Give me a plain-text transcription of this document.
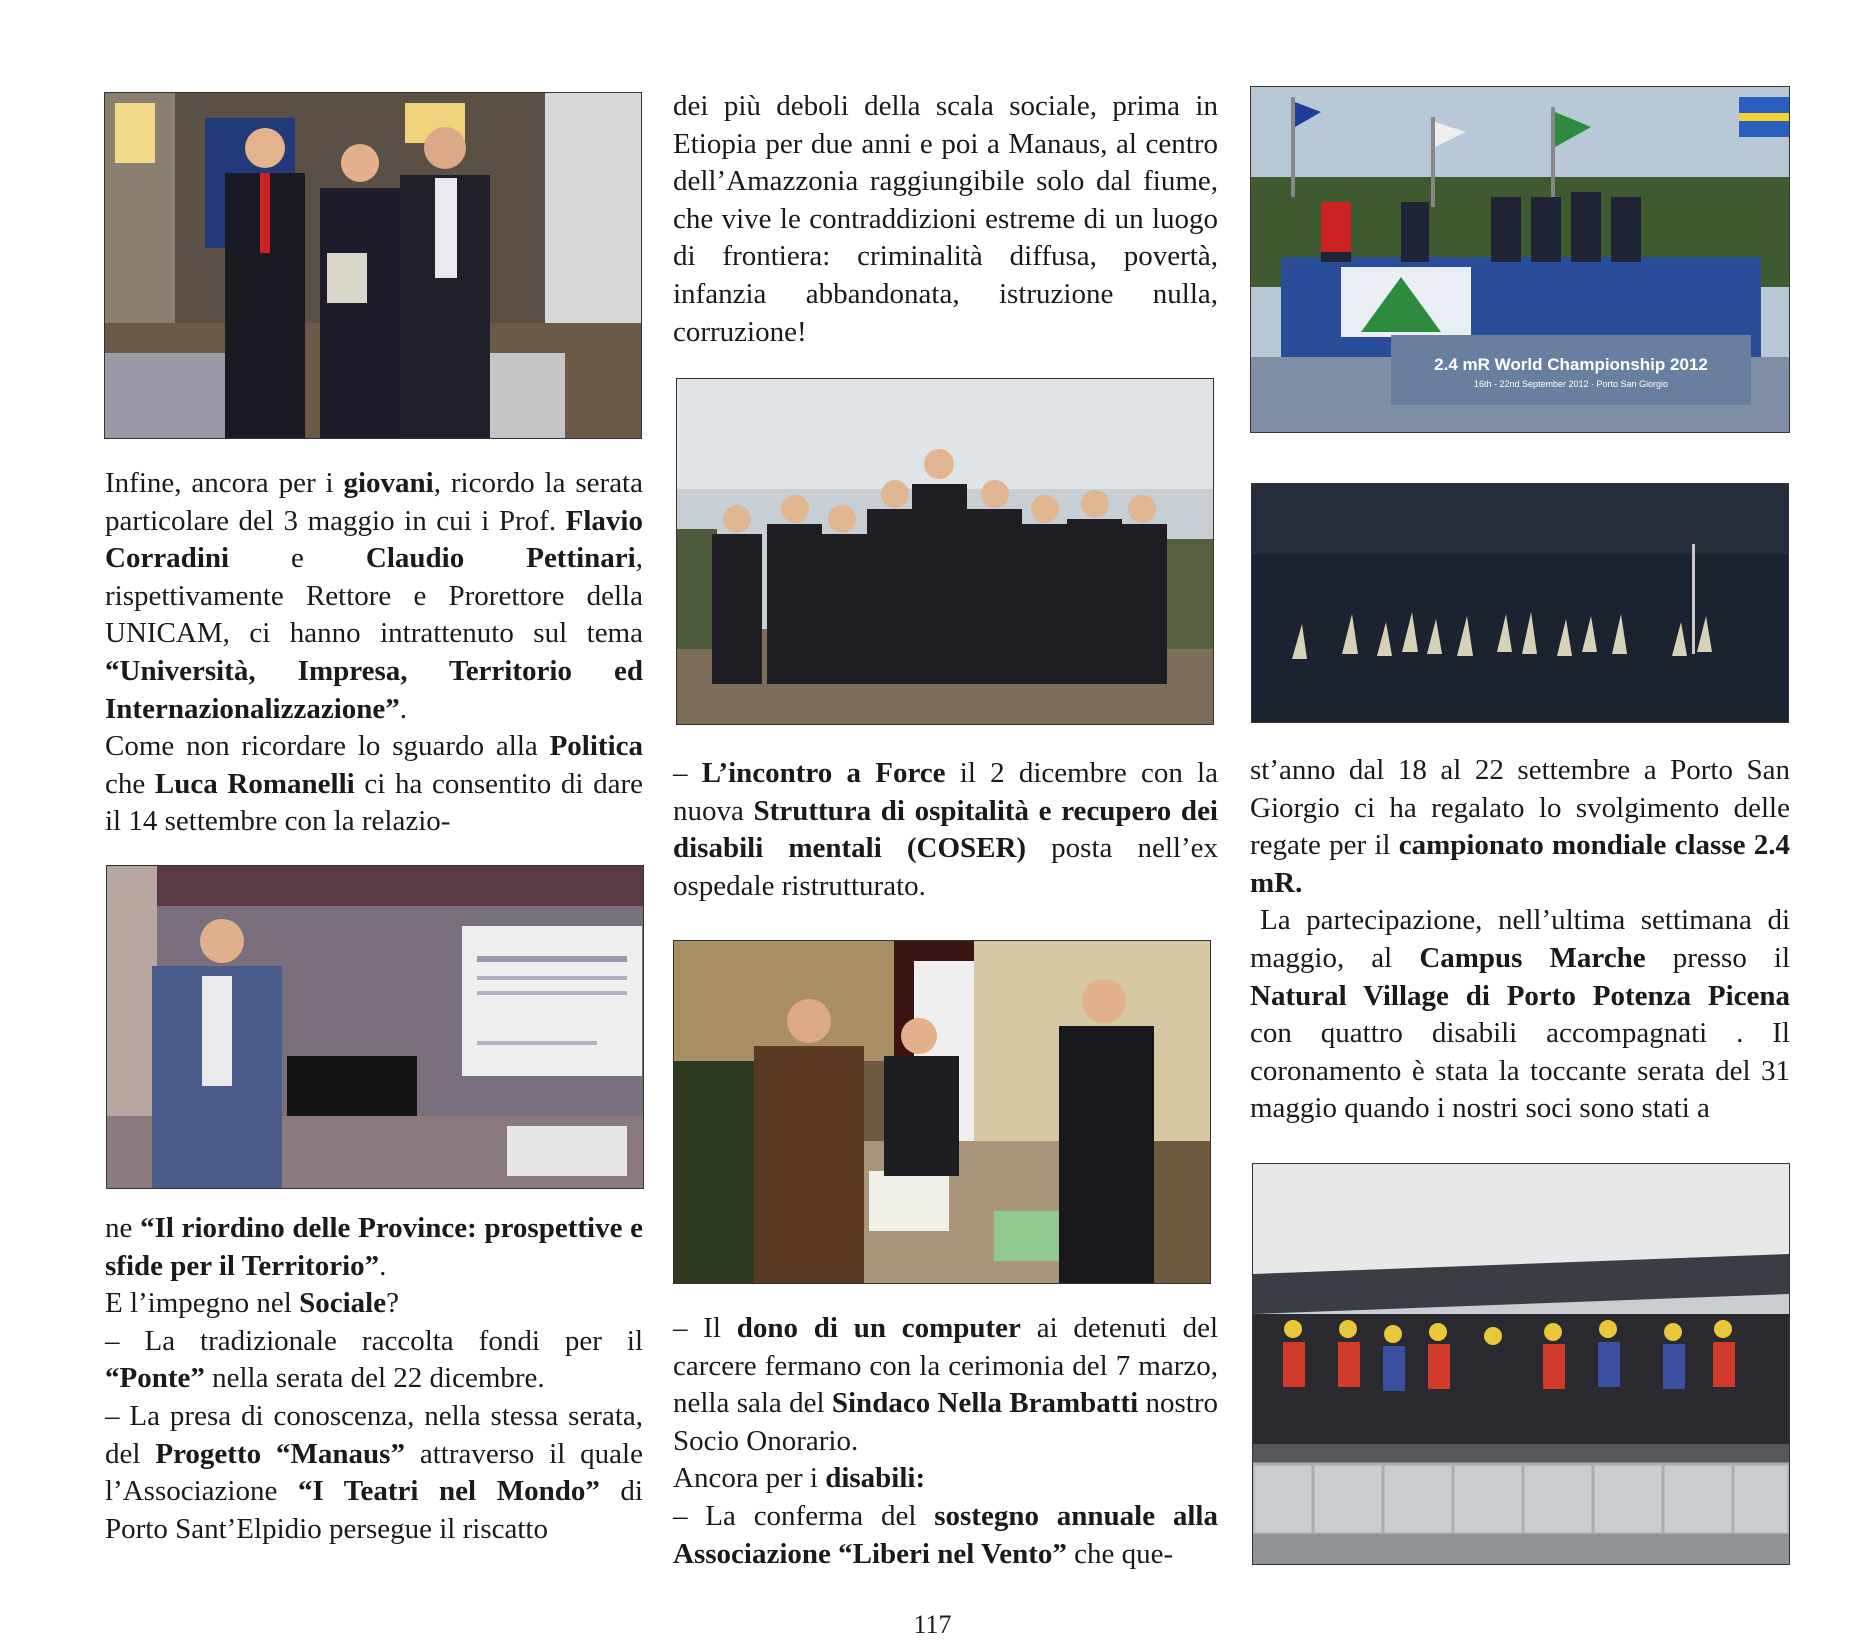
Infine, ancora per i giovani, ricordo la serata particolare del 3 maggio in cui i Prof. Flavio Corradini e Claudio Pettinari, rispettivamente Rettore e Prorettore della UNICAM, ci hanno intrattenuto sul tema “Università, Impresa, Territorio ed Internazionalizzazione”.

Come non ricordare lo sguardo alla Politica che Luca Romanelli ci ha consentito di dare il 14 settembre con la relazio-

ne “Il riordino delle Province: prospettive e sfide per il Territorio”.

E l’impegno nel Sociale?

– La tradizionale raccolta fondi per il “Ponte” nella serata del 22 dicembre.

– La presa di conoscenza, nella stessa serata, del Progetto “Manaus” attraverso il quale l’Associazione “I Teatri nel Mondo” di Porto Sant’Elpidio persegue il riscatto

dei più deboli della scala sociale, prima in Etiopia per due anni e poi a Manaus, al centro dell’Amazzonia raggiungibile solo dal fiume, che vive le contraddizioni estreme di un luogo di frontiera: criminalità diffusa, povertà, infanzia abbandonata, istruzione nulla, corruzione!

– L’incontro a Force il 2 dicembre con la nuova Struttura di ospitalità e recupero dei disabili mentali (COSER) posta nell’ex ospedale ristrutturato.

– Il dono di un computer ai detenuti del carcere fermano con la cerimonia del 7 marzo, nella sala del Sindaco Nella Brambatti nostro Socio Onorario.

Ancora per i disabili:

– La conferma del sostegno annuale alla Associazione “Liberi nel Vento” che que-

2.4 mR World Championship 2012
16th - 22nd September 2012 · Porto San Giorgio

st’anno dal 18 al 22 settembre a Porto San Giorgio ci ha regalato lo svolgimento delle regate per il campionato mondiale classe 2.4 mR.

La partecipazione, nell’ultima settimana di maggio, al Campus Marche presso il Natural Village di Porto Potenza Picena con quattro disabili accompagnati . Il coronamento è stata la toccante serata del 31 maggio quando i nostri soci sono stati a

117
